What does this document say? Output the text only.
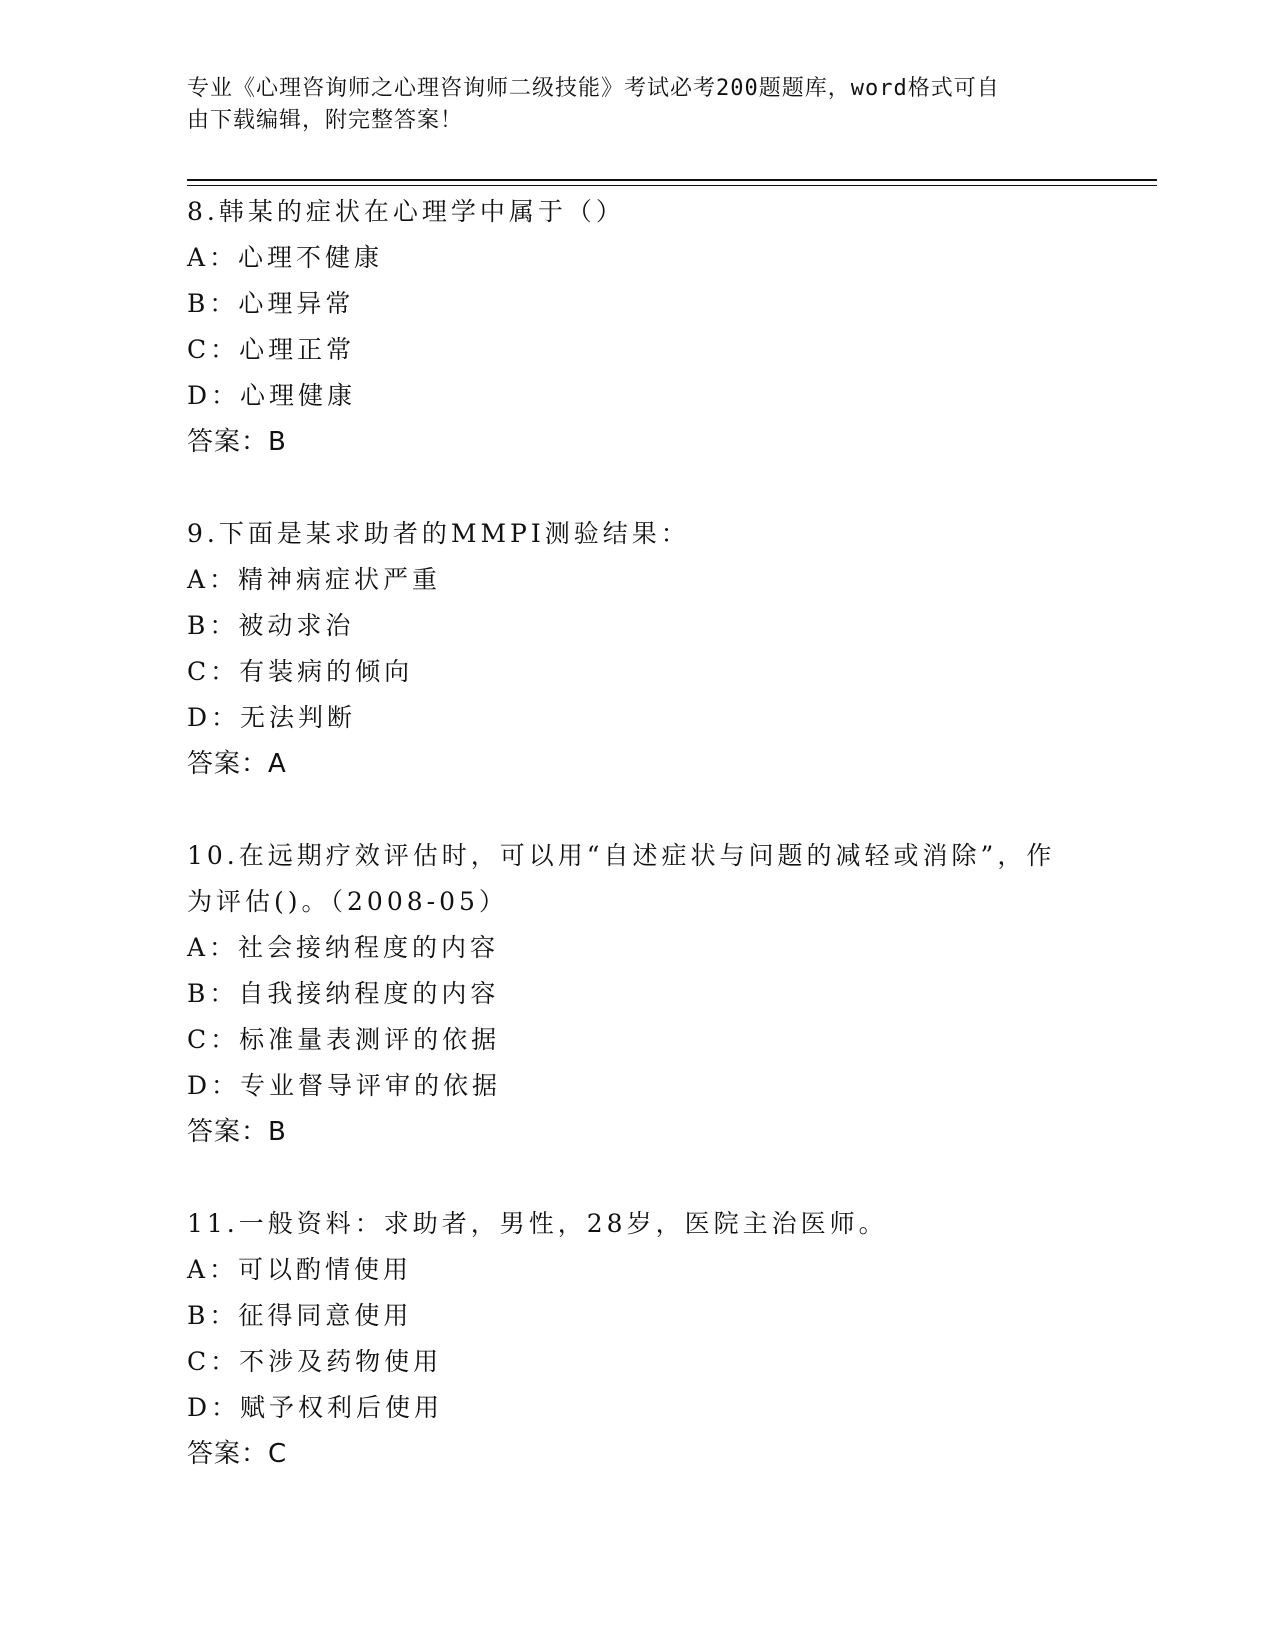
专业《心理咨询师之心理咨询师二级技能》考试必考200题题库，word格式可自
由下载编辑，附完整答案！
8.韩某的症状在心理学中属于（）
A：心理不健康
B：心理异常
C：心理正常
D：心理健康
答案：B
9.下面是某求助者的MMPI测验结果：
A：精神病症状严重
B：被动求治
C：有装病的倾向
D：无法判断
答案：A
10.在远期疗效评估时，可以用“自述症状与问题的减轻或消除”，作
为评估()。（2008-05）
A：社会接纳程度的内容
B：自我接纳程度的内容
C：标准量表测评的依据
D：专业督导评审的依据
答案：B
11.一般资料：求助者，男性，28岁，医院主治医师。
A：可以酌情使用
B：征得同意使用
C：不涉及药物使用
D：赋予权利后使用
答案：C
